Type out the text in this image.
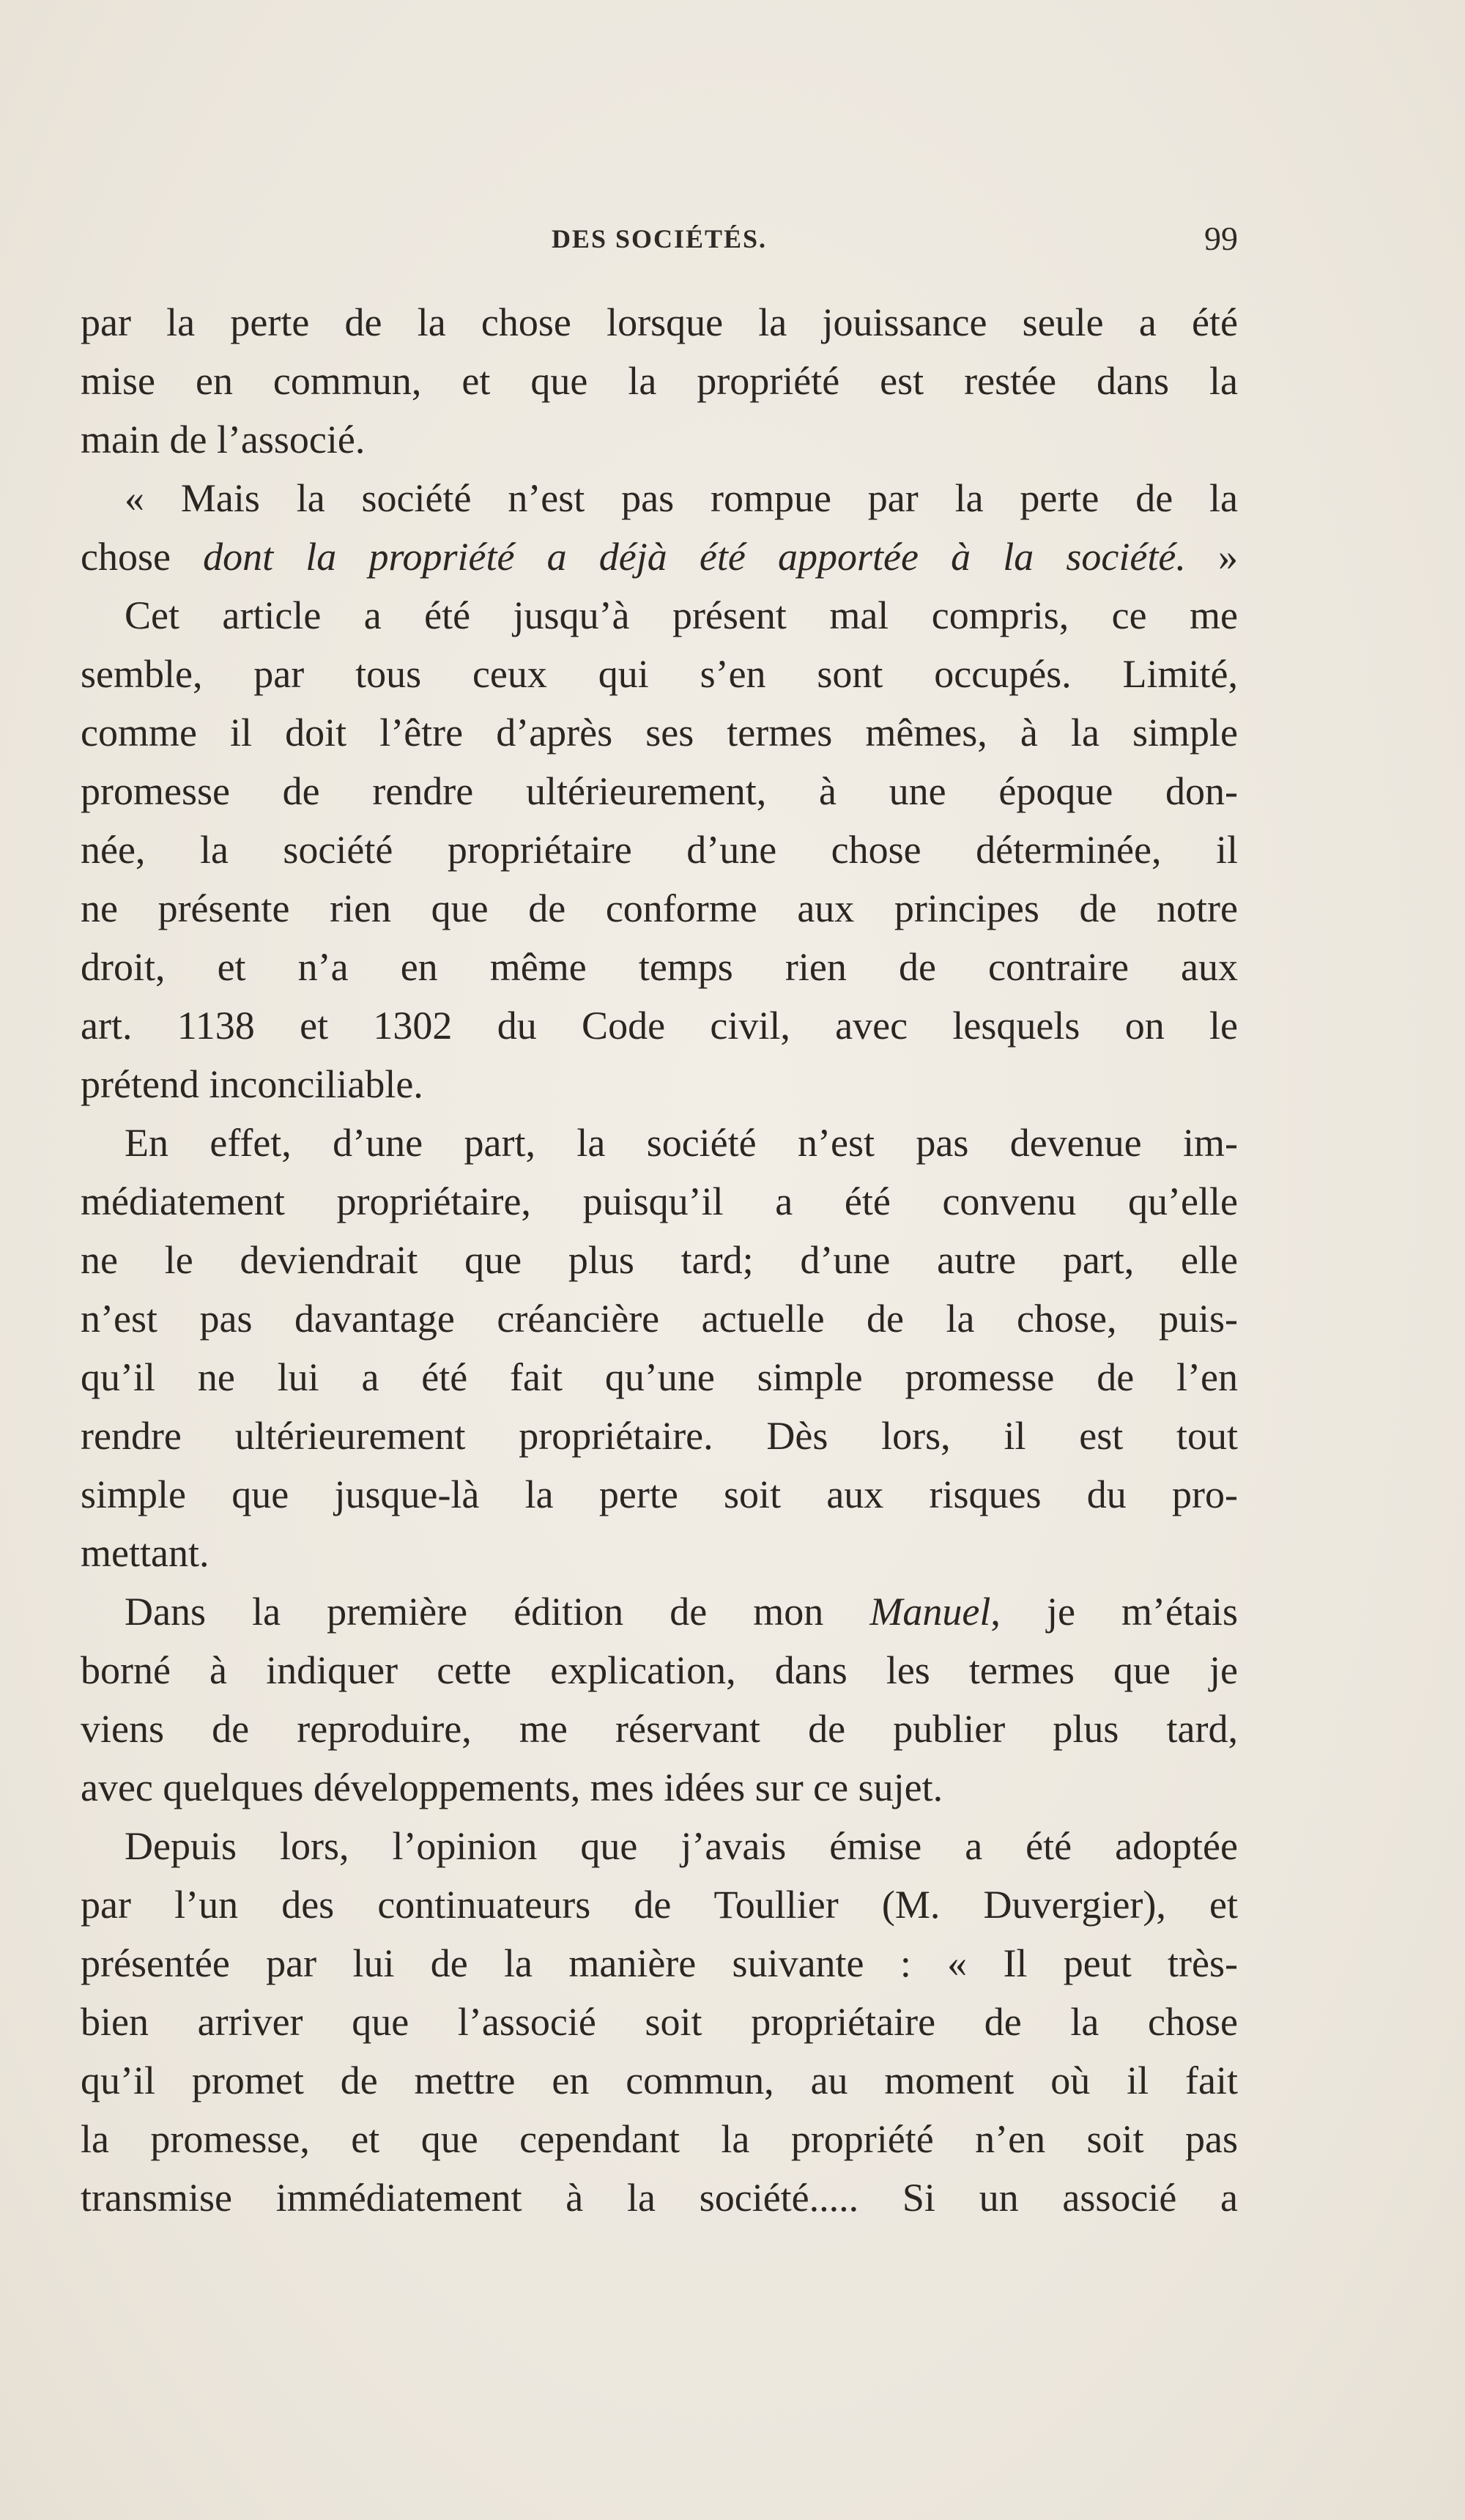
DES SOCIÉTÉS.	99
par la perte de la chose lorsque la jouissance seule a été
mise en commun, et que la propriété est restée dans la
main de l’associé.
« Mais la société n’est pas rompue par la perte de la
chose dont la propriété a déjà été apportée à la société. »
Cet article a été jusqu’à présent mal compris, ce me
semble, par tous ceux qui s’en sont occupés. Limité,
comme il doit l’être d’après ses termes mêmes, à la simple
promesse de rendre ultérieurement, à une époque don-
née, la société propriétaire d’une chose déterminée, il
ne présente rien que de conforme aux principes de notre
droit, et n’a en même temps rien de contraire aux
art. 1138 et 1302 du Code civil, avec lesquels on le
prétend inconciliable.
En effet, d’une part, la société n’est pas devenue im-
médiatement propriétaire, puisqu’il a été convenu qu’elle
ne le deviendrait que plus tard; d’une autre part, elle
n’est pas davantage créancière actuelle de la chose, puis-
qu’il ne lui a été fait qu’une simple promesse de l’en
rendre ultérieurement propriétaire. Dès lors, il est tout
simple que jusque-là la perte soit aux risques du pro-
mettant.
Dans la première édition de mon Manuel, je m’étais
borné à indiquer cette explication, dans les termes que je
viens de reproduire, me réservant de publier plus tard,
avec quelques développements, mes idées sur ce sujet.
Depuis lors, l’opinion que j’avais émise a été adoptée
par l’un des continuateurs de Toullier (M. Duvergier), et
présentée par lui de la manière suivante : « Il peut très-
bien arriver que l’associé soit propriétaire de la chose
qu’il promet de mettre en commun, au moment où il fait
la promesse, et que cependant la propriété n’en soit pas
transmise immédiatement à la société..... Si un associé a
